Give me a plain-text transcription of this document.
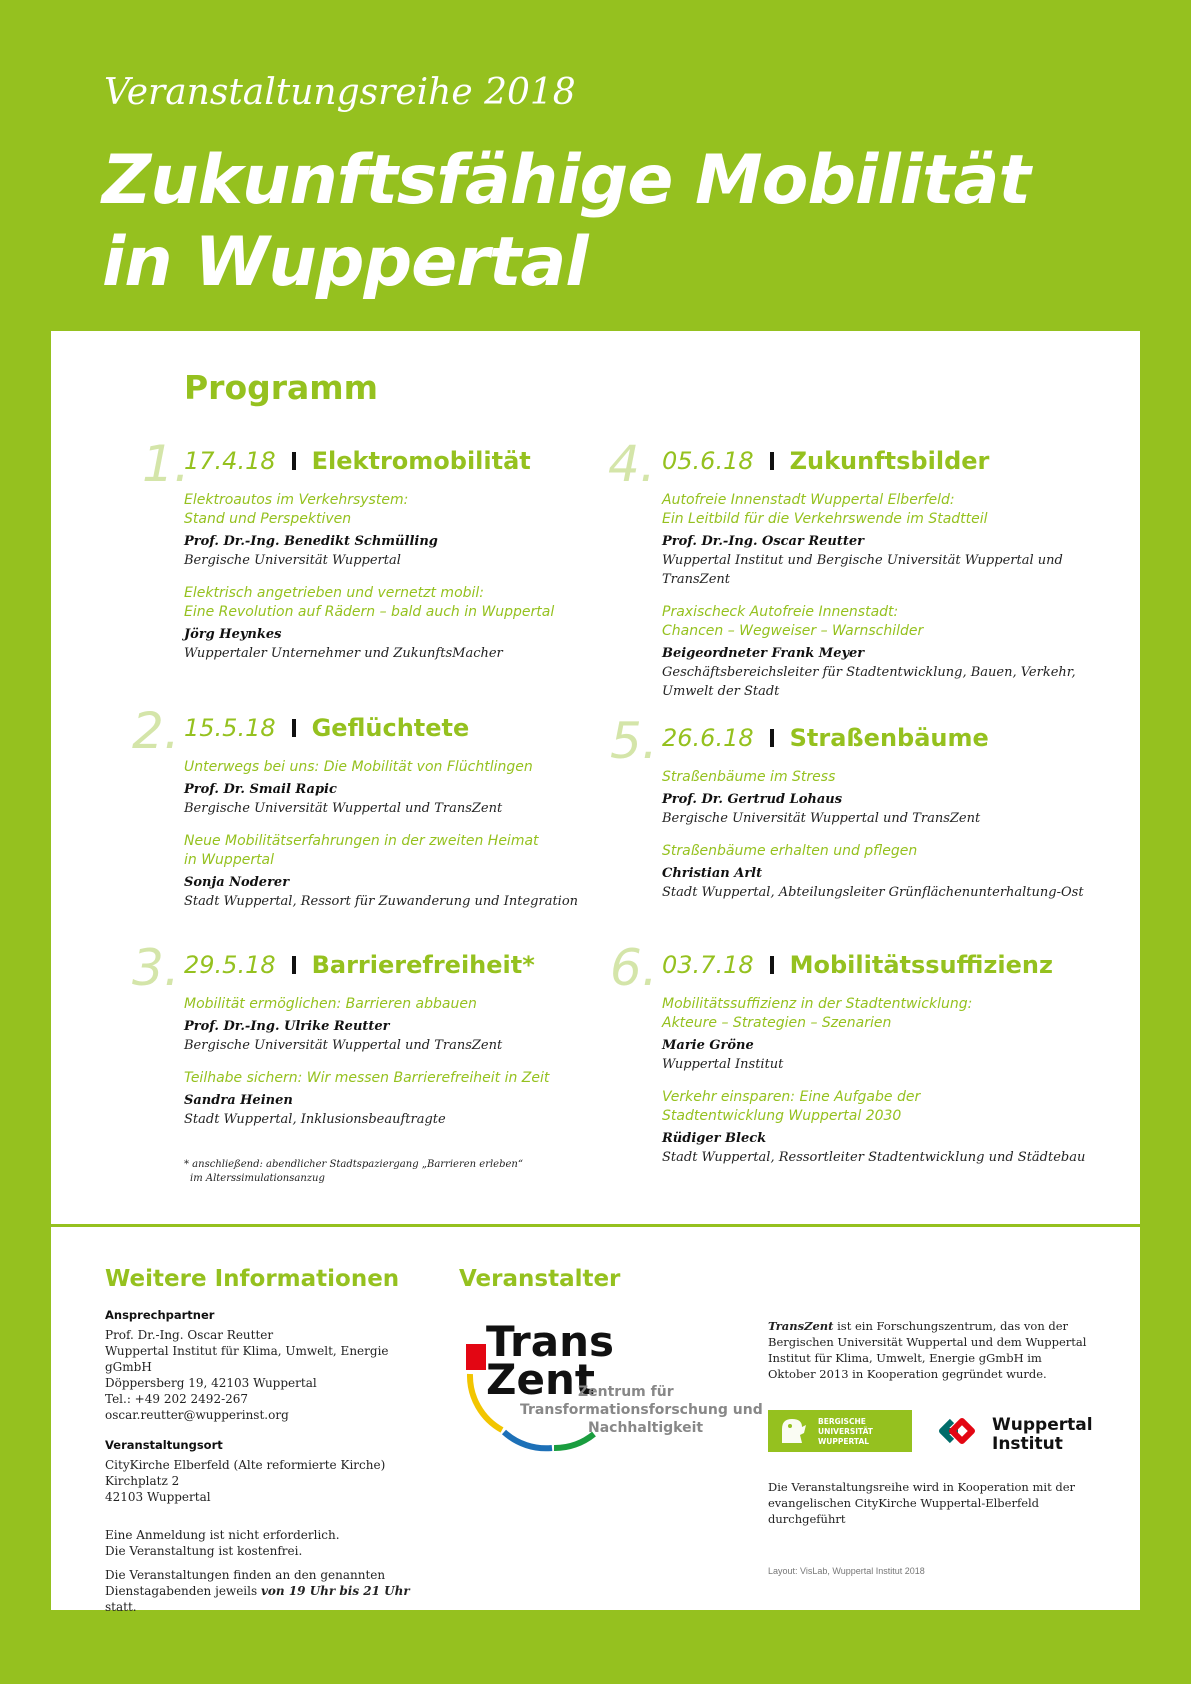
Veranstaltungsreihe 2018
Zukunftsfähige Mobilität
in Wuppertal
Programm
1.
17.4.18 Elektromobilität
Elektroautos im Verkehrsystem:
Stand und Perspektiven
Prof. Dr.-Ing. Benedikt Schmülling
Bergische Universität Wuppertal
Elektrisch angetrieben und vernetzt mobil:
Eine Revolution auf Rädern – bald auch in Wuppertal
Jörg Heynkes
Wuppertaler Unternehmer und ZukunftsMacher
2. 15.5.18 Geflüchtete
Unterwegs bei uns: Die Mobilität von Flüchtlingen
Prof. Dr. Smail Rapic
Bergische Universität Wuppertal und TransZent
Neue Mobilitätserfahrungen in der zweiten Heimat
in Wuppertal
Sonja Noderer
Stadt Wuppertal, Ressort für Zuwanderung und Integration
3. 29.5.18 Barrierefreiheit*
Mobilität ermöglichen: Barrieren abbauen
Prof. Dr.-Ing. Ulrike Reutter
Bergische Universität Wuppertal und TransZent
Teilhabe sichern: Wir messen Barrierefreiheit in Zeit
Sandra Heinen
Stadt Wuppertal, Inklusionsbeauftragte
* anschließend: abendlicher Stadtspaziergang „Barrieren erleben“
im Alterssimulationsanzug
4. 05.6.18 Zukunftsbilder
Autofreie Innenstadt Wuppertal Elberfeld:
Ein Leitbild für die Verkehrswende im Stadtteil
Prof. Dr.-Ing. Oscar Reutter
Wuppertal Institut und Bergische Universität Wuppertal und TransZent
Praxischeck Autofreie Innenstadt:
Chancen – Wegweiser – Warnschilder
Beigeordneter Frank Meyer
Geschäftsbereichsleiter für Stadtentwicklung, Bauen, Verkehr,
Umwelt der Stadt
5. 26.6.18 Straßenbäume
Straßenbäume im Stress
Prof. Dr. Gertrud Lohaus
Bergische Universität Wuppertal und TransZent
Straßenbäume erhalten und pflegen
Christian Arlt
Stadt Wuppertal, Abteilungsleiter Grünflächenunterhaltung-Ost
6. 03.7.18 Mobilitätssuffizienz
Mobilitätssuffizienz in der Stadtentwicklung:
Akteure – Strategien – Szenarien
Marie Gröne
Wuppertal Institut
Verkehr einsparen: Eine Aufgabe der
Stadtentwicklung Wuppertal 2030
Rüdiger Bleck
Stadt Wuppertal, Ressortleiter Stadtentwicklung und Städtebau
Weitere Informationen	Veranstalter
Ansprechpartner
Prof. Dr.-Ing. Oscar Reutter
Wuppertal Institut für Klima, Umwelt, Energie gGmbH
Döppersberg 19, 42103 Wuppertal
Tel.: +49 202 2492-267
oscar.reutter@wupperinst.org
Veranstaltungsort
CityKirche Elberfeld (Alte reformierte Kirche)
Kirchplatz 2
42103 Wuppertal
Eine Anmeldung ist nicht erforderlich.
Die Veranstaltung ist kostenfrei.
Die Veranstaltungen finden an den genannten
Dienstagabenden jeweils von 19 Uhr bis 21 Uhr statt.
Trans
Zent
Zentrum für
Transformationsforschung und
Nachhaltigkeit
TransZent ist ein Forschungszentrum, das von der Bergischen Universität Wuppertal und dem Wuppertal Institut für Klima, Umwelt, Energie gGmbH im Oktober 2013 in Kooperation gegründet wurde.
BERGISCHE
UNIVERSITÄT
WUPPERTAL
Wuppertal
Institut
Die Veranstaltungsreihe wird in Kooperation mit der evangelischen CityKirche Wuppertal-Elberfeld durchgeführt
Layout: VisLab, Wuppertal Institut 2018
